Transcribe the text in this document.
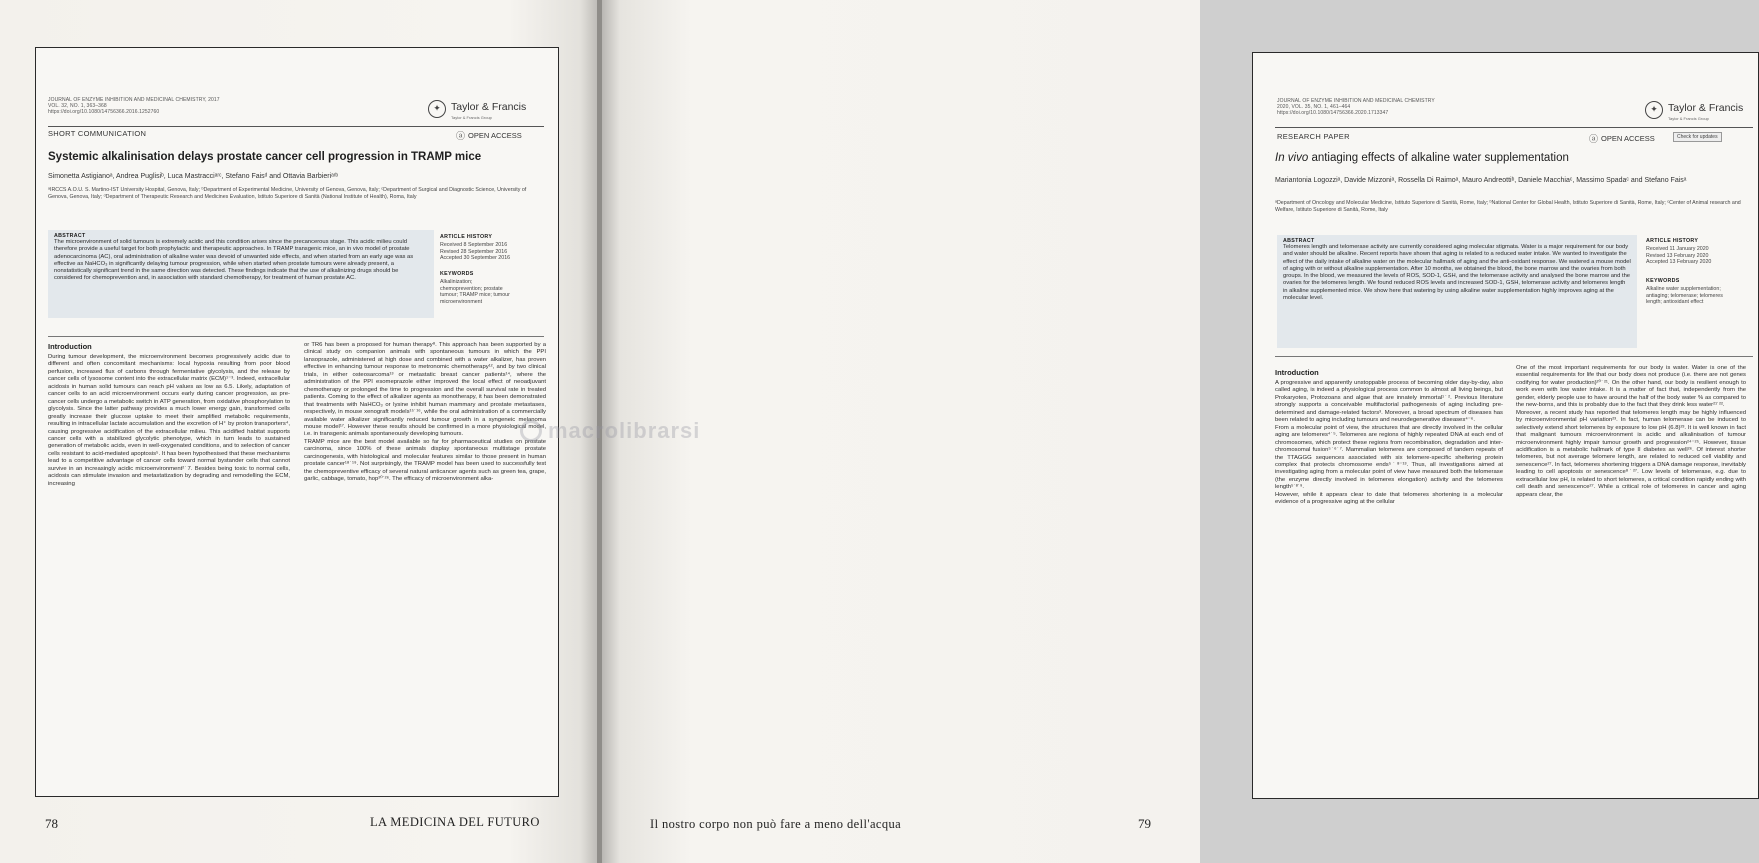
JOURNAL OF ENZYME INHIBITION AND MEDICINAL CHEMISTRY, 2017
VOL. 32, NO. 1, 363–368
https://doi.org/10.1080/14756366.2016.1252760	✦ Taylor & Francis
Taylor & Francis Group
SHORT COMMUNICATION	ⓐ OPEN ACCESS
Systemic alkalinisation delays prostate cancer cell progression in TRAMP mice
Simonetta Astigianoᵃ, Andrea Puglisiᵇ, Luca Mastracciᵃʳᶜ, Stefano Faisᵈ and Ottavia Barbieriᵃʳᵇ
ᵃIRCCS A.O.U. S. Martino-IST University Hospital, Genova, Italy; ᵇDepartment of Experimental Medicine, University of Genova, Genova, Italy; ᶜDepartment of Surgical and Diagnostic Science, University of Genova, Genova, Italy; ᵈDepartment of Therapeutic Research and Medicines Evaluation, Istituto Superiore di Sanità (National Institute of Health), Roma, Italy
ABSTRACT
The microenvironment of solid tumours is extremely acidic and this condition arises since the precancerous stage. This acidic milieu could therefore provide a useful target for both prophylactic and therapeutic approaches. In TRAMP transgenic mice, an in vivo model of prostate adenocarcinoma (AC), oral administration of alkaline water was devoid of unwanted side effects, and when started from an early age was as effective as NaHCO₃ in significantly delaying tumour progression, while when started when prostate tumours were already present, a nonstatistically significant trend in the same direction was detected. These findings indicate that the use of alkalinizing drugs should be considered for chemoprevention and, in association with standard chemotherapy, for treatment of human prostate AC.
ARTICLE HISTORY
Received 8 September 2016
Revised 28 September 2016
Accepted 30 September 2016
KEYWORDS
Alkalinization; chemoprevention; prostate tumour; TRAMP mice; tumour microenvironment
Introduction
During tumour development, the microenvironment becomes progressively acidic due to different and often concomitant mechanisms: local hypoxia resulting from poor blood perfusion, increased flux of carbons through fermentative glycolysis, and the release by cancer cells of lysosome content into the extracellular matrix (ECM)¹⁻³. Indeed, extracellular acidosis in human solid tumours can reach pH values as low as 6.5. Likely, adaptation of cancer cells to an acid microenvironment occurs early during cancer progression, as pre-cancer cells undergo a metabolic switch in ATP generation, from oxidative phosphorylation to glycolysis. Since the latter pathway provides a much lower energy gain, transformed cells greatly increase their glucose uptake to meet their amplified metabolic requirements, resulting in intracellular lactate accumulation and the excretion of H⁺ by proton transporters⁴, causing progressive acidification of the extracellular milieu. This acidified habitat supports cancer cells with a stabilized glycolytic phenotype, which in turn leads to sustained generation of metabolic acids, even in well-oxygenated conditions, and to selection of cancer cells resistant to acid-mediated apoptosis⁵. It has been hypothesised that these mechanisms lead to a competitive advantage of cancer cells toward normal bystander cells that cannot survive in an increasingly acidic microenvironment²˙7. Besides being toxic to normal cells, acidosis can stimulate invasion and metastatization by degrading and remodelling the ECM, increasing
or TR6 has been a proposed for human therapy⁸. This approach has been supported by a clinical study on companion animals with spontaneous tumours in which the PPI lansoprazole, administered at high dose and combined with a water alkalizer, has proven effective in enhancing tumour response to metronomic chemotherapy¹², and by two clinical trials, in either osteosarcoma¹³ or metastatic breast cancer patients¹⁴, where the administration of the PPI esomeprazole either improved the local effect of neoadjuvant chemotherapy or prolonged the time to progression and the overall survival rate in treated patients. Coming to the effect of alkalizer agents as monotherapy, it has been demonstrated that treatments with NaHCO₃ or lysine inhibit human mammary and prostate metastases, respectively, in mouse xenograft models¹⁵˙¹⁶, while the oral administration of a commercially available water alkalizer significantly reduced tumour growth in a syngeneic melanoma mouse model¹⁷. However these results should be confirmed in a more physiological model, i.e. in transgenic animals spontaneously developing tumours.
TRAMP mice are the best model available so far for pharmaceutical studies on prostate carcinoma, since 100% of these animals display spontaneous multistage prostate carcinogenesis, with histological and molecular features similar to those present in human prostate cancer¹⁸˙¹⁹. Not surprisingly, the TRAMP model has been used to successfully test the chemopreventive efficacy of several natural anticancer agents such as green tea, grape, garlic, cabbage, tomato, hop²⁰˙²⁶. The efficacy of microenvironment alka-
78	LA MEDICINA DEL FUTURO
JOURNAL OF ENZYME INHIBITION AND MEDICINAL CHEMISTRY
2020, VOL. 35, NO. 1, 461–464
https://doi.org/10.1080/14756366.2020.1713347	✦ Taylor & Francis
Taylor & Francis Group
RESEARCH PAPER	ⓐ OPEN ACCESS	Check for updates
In vivo antiaging effects of alkaline water supplementation
Mariantonia Logozziᵃ, Davide Mizzoniᵃ, Rossella Di Raimoᵃ, Mauro Andreottiᵇ, Daniele Macchiaᶜ, Massimo Spadaᶜ and Stefano Faisᵃ
ᵃDepartment of Oncology and Molecular Medicine, Istituto Superiore di Sanità, Rome, Italy; ᵇNational Center for Global Health, Istituto Superiore di Sanità, Rome, Italy; ᶜCenter of Animal research and Welfare, Istituto Superiore di Sanità, Rome, Italy
ABSTRACT
Telomeres length and telomerase activity are currently considered aging molecular stigmata. Water is a major requirement for our body and water should be alkaline. Recent reports have shown that aging is related to a reduced water intake. We wanted to investigate the effect of the daily intake of alkaline water on the molecular hallmark of aging and the anti-oxidant response. We watered a mouse model of aging with or without alkaline supplementation. After 10 months, we obtained the blood, the bone marrow and the ovaries from both groups. In the blood, we measured the levels of ROS, SOD-1, GSH, and the telomerase activity and analysed the bone marrow and the ovaries for the telomeres length. We found reduced ROS levels and increased SOD-1, GSH, telomerase activity and telomeres length in alkaline supplemented mice. We show here that watering by using alkaline water supplementation highly improves aging at the molecular level.
ARTICLE HISTORY
Received 11 January 2020
Revised 13 February 2020
Accepted 13 February 2020
KEYWORDS
Alkaline water supplementation; antiaging; telomerase; telomeres length; antioxidant effect
Introduction
A progressive and apparently unstoppable process of becoming older day-by-day, also called aging, is indeed a physiological process common to almost all living beings, but Prokaryotes, Protozoans and algae that are innately immortal¹˙². Previous literature strongly supports a conceivable multifactorial pathogenesis of aging including pre-determined and damage-related factors³. Moreover, a broad spectrum of diseases has been related to aging including tumours and neurodegenerative diseases⁴⁻⁶.
From a molecular point of view, the structures that are directly involved in the cellular aging are telomeres⁴˙⁵. Telomeres are regions of highly repeated DNA at each end of chromosomes, which protect these regions from recombination, degradation and inter-chromosomal fusion⁵˙⁶˙⁷. Mammalian telomeres are composed of tandem repeats of the TTAGGG sequences associated with six telomere-specific sheltering protein complex that protects chromosome ends⁵˙⁸⁻¹³. Thus, all investigations aimed at investigating aging from a molecular point of view have measured both the telomerase (the enzyme directly involved in telomeres elongation) activity and the telomeres length⁵˙⁸˙⁹.
However, while it appears clear to date that telomeres shortening is a molecular evidence of a progressive aging at the cellular
One of the most important requirements for our body is water. Water is one of the essential requirements for life that our body does not produce (i.e. there are not genes codifying for water production)²⁰˙²¹. On the other hand, our body is resilient enough to work even with low water intake. It is a matter of fact that, independently from the gender, elderly people use to have around the half of the body water % as compared to the new-borns, and this is probably due to the fact that they drink less water²¹˙²².
Moreover, a recent study has reported that telomeres length may be highly influenced by microenvironmental pH variation²³. In fact, human telomerase can be induced to selectively extend short telomeres by exposure to low pH (6.8)²³. It is well known in fact that malignant tumours microenvironment is acidic and alkalinisation of tumour microenvironment highly impair tumour growth and progression²⁴⁻²⁵. However, tissue acidification is a metabolic hallmark of type II diabetes as well²⁶. Of interest shorter telomeres, but not average telomere length, are related to reduced cell viability and senescence²⁷. In fact, telomeres shortening triggers a DNA damage response, inevitably leading to cell apoptosis or senescence⁸˙²⁷. Low levels of telomerase, e.g. due to extracellular low pH, is related to short telomeres, a critical condition rapidly ending with cell death and senescence²⁷. While a critical role of telomeres in cancer and aging appears clear, the
Il nostro corpo non può fare a meno dell'acqua	79
macrolibrarsi
